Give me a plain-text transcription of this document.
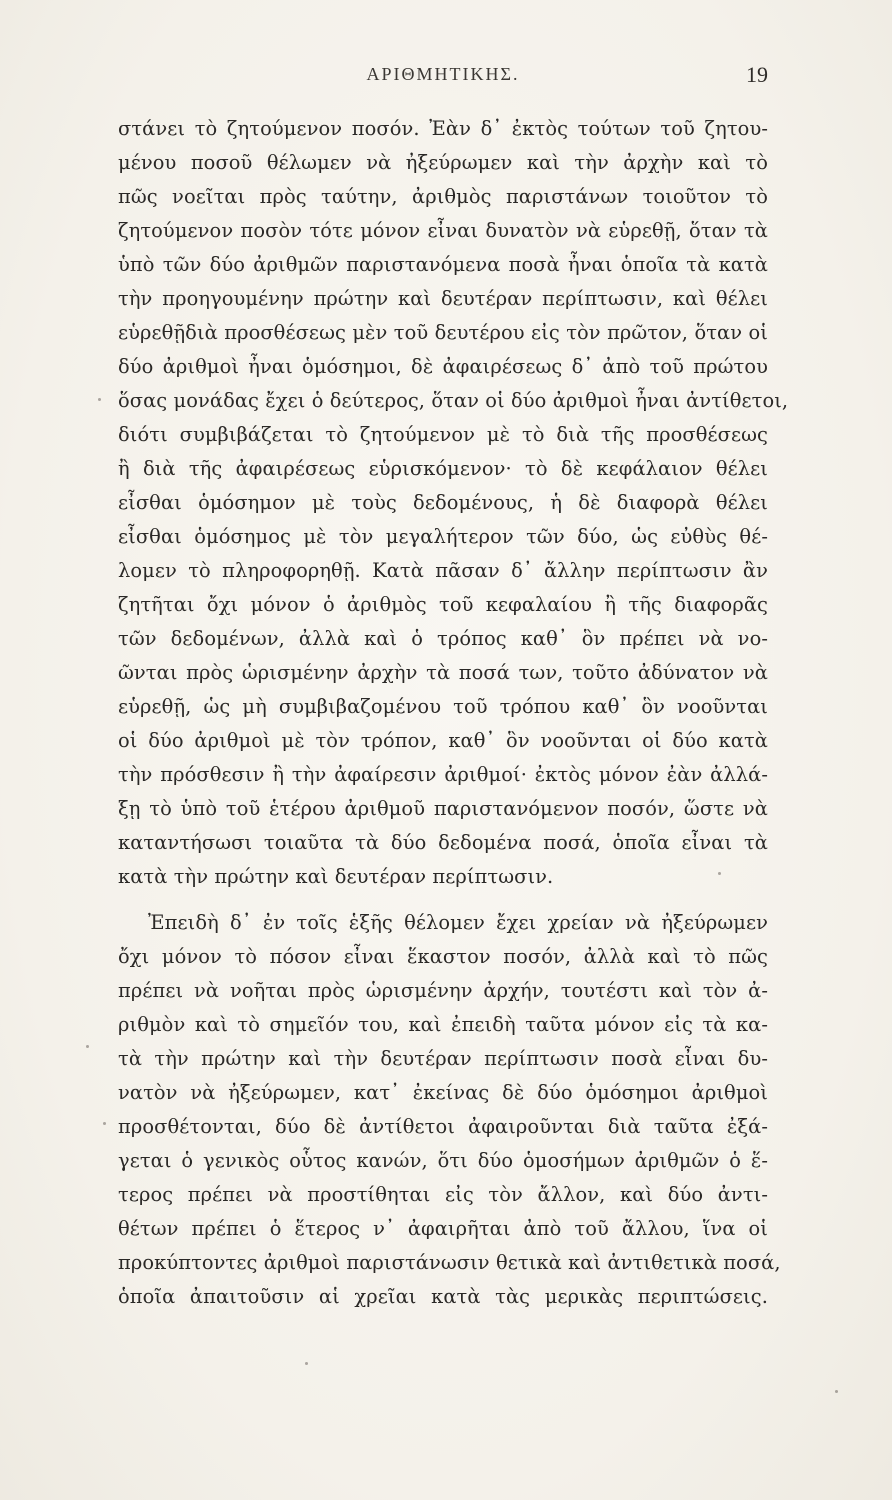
ΑΡΙΘΜΗΤΙΚΗΣ.	19

στάνει τὸ ζητούμενον ποσόν. Ἐὰν δ᾽ ἐκτὸς τούτων τοῦ ζητου-
μένου ποσοῦ θέλωμεν νὰ ἠξεύρωμεν καὶ τὴν ἀρχὴν καὶ τὸ
πῶς νοεῖται πρὸς ταύτην, ἀριθμὸς παριστάνων τοιοῦτον τὸ
ζητούμενον ποσὸν τότε μόνον εἶναι δυνατὸν νὰ εὑρεθῇ, ὅταν τὰ
ὑπὸ τῶν δύο ἀριθμῶν παριστανόμενα ποσὰ ἦναι ὁποῖα τὰ κατὰ
τὴν προηγουμένην πρώτην καὶ δευτέραν περίπτωσιν, καὶ θέλει
εὑρεθῇδιὰ προσθέσεως μὲν τοῦ δευτέρου εἰς τὸν πρῶτον, ὅταν οἱ
δύο ἀριθμοὶ ἦναι ὁμόσημοι, δὲ ἀφαιρέσεως δ᾽ ἀπὸ τοῦ πρώτου
ὅσας μονάδας ἔχει ὁ δεύτερος, ὅταν οἱ δύο ἀριθμοὶ ἦναι ἀντίθετοι,
διότι συμβιβάζεται τὸ ζητούμενον μὲ τὸ διὰ τῆς προσθέσεως
ἢ διὰ τῆς ἀφαιρέσεως εὑρισκόμενον· τὸ δὲ κεφάλαιον θέλει
εἶσθαι ὁμόσημον μὲ τοὺς δεδομένους, ἡ δὲ διαφορὰ θέλει
εἶσθαι ὁμόσημος μὲ τὸν μεγαλήτερον τῶν δύο, ὡς εὐθὺς θέ-
λομεν τὸ πληροφορηθῇ. Κατὰ πᾶσαν δ᾽ ἄλλην περίπτωσιν ἂν
ζητῆται ὄχι μόνον ὁ ἀριθμὸς τοῦ κεφαλαίου ἢ τῆς διαφορᾶς
τῶν δεδομένων, ἀλλὰ καὶ ὁ τρόπος καθ᾽ ὃν πρέπει νὰ νο-
ῶνται πρὸς ὡρισμένην ἀρχὴν τὰ ποσά των, τοῦτο ἀδύνατον νὰ
εὑρεθῇ, ὡς μὴ συμβιβαζομένου τοῦ τρόπου καθ᾽ ὃν νοοῦνται
οἱ δύο ἀριθμοὶ μὲ τὸν τρόπον, καθ᾽ ὃν νοοῦνται οἱ δύο κατὰ
τὴν πρόσθεσιν ἢ τὴν ἀφαίρεσιν ἀριθμοί· ἐκτὸς μόνον ἐὰν ἀλλά-
ξῃ τὸ ὑπὸ τοῦ ἑτέρου ἀριθμοῦ παριστανόμενον ποσόν, ὥστε νὰ
καταντήσωσι τοιαῦτα τὰ δύο δεδομένα ποσά, ὁποῖα εἶναι τὰ
κατὰ τὴν πρώτην καὶ δευτέραν περίπτωσιν.

Ἐπειδὴ δ᾽ ἐν τοῖς ἑξῆς θέλομεν ἔχει χρείαν νὰ ἠξεύρωμεν
ὄχι μόνον τὸ πόσον εἶναι ἕκαστον ποσόν, ἀλλὰ καὶ τὸ πῶς
πρέπει νὰ νοῆται πρὸς ὡρισμένην ἀρχήν, τουτέστι καὶ τὸν ἀ-
ριθμὸν καὶ τὸ σημεῖόν του, καὶ ἐπειδὴ ταῦτα μόνον εἰς τὰ κα-
τὰ τὴν πρώτην καὶ τὴν δευτέραν περίπτωσιν ποσὰ εἶναι δυ-
νατὸν νὰ ἠξεύρωμεν, κατ᾽ ἐκείνας δὲ δύο ὁμόσημοι ἀριθμοὶ
προσθέτονται, δύο δὲ ἀντίθετοι ἀφαιροῦνται διὰ ταῦτα ἐξά-
γεται ὁ γενικὸς οὗτος κανών, ὅτι δύο ὁμοσήμων ἀριθμῶν ὁ ἕ-
τερος πρέπει νὰ προστίθηται εἰς τὸν ἄλλον, καὶ δύο ἀντι-
θέτων πρέπει ὁ ἕτερος ν᾽ ἀφαιρῆται ἀπὸ τοῦ ἄλλου, ἵνα οἱ
προκύπτοντες ἀριθμοὶ παριστάνωσιν θετικὰ καὶ ἀντιθετικὰ ποσά,
ὁποῖα ἀπαιτοῦσιν αἱ χρεῖαι κατὰ τὰς μερικὰς περιπτώσεις.
